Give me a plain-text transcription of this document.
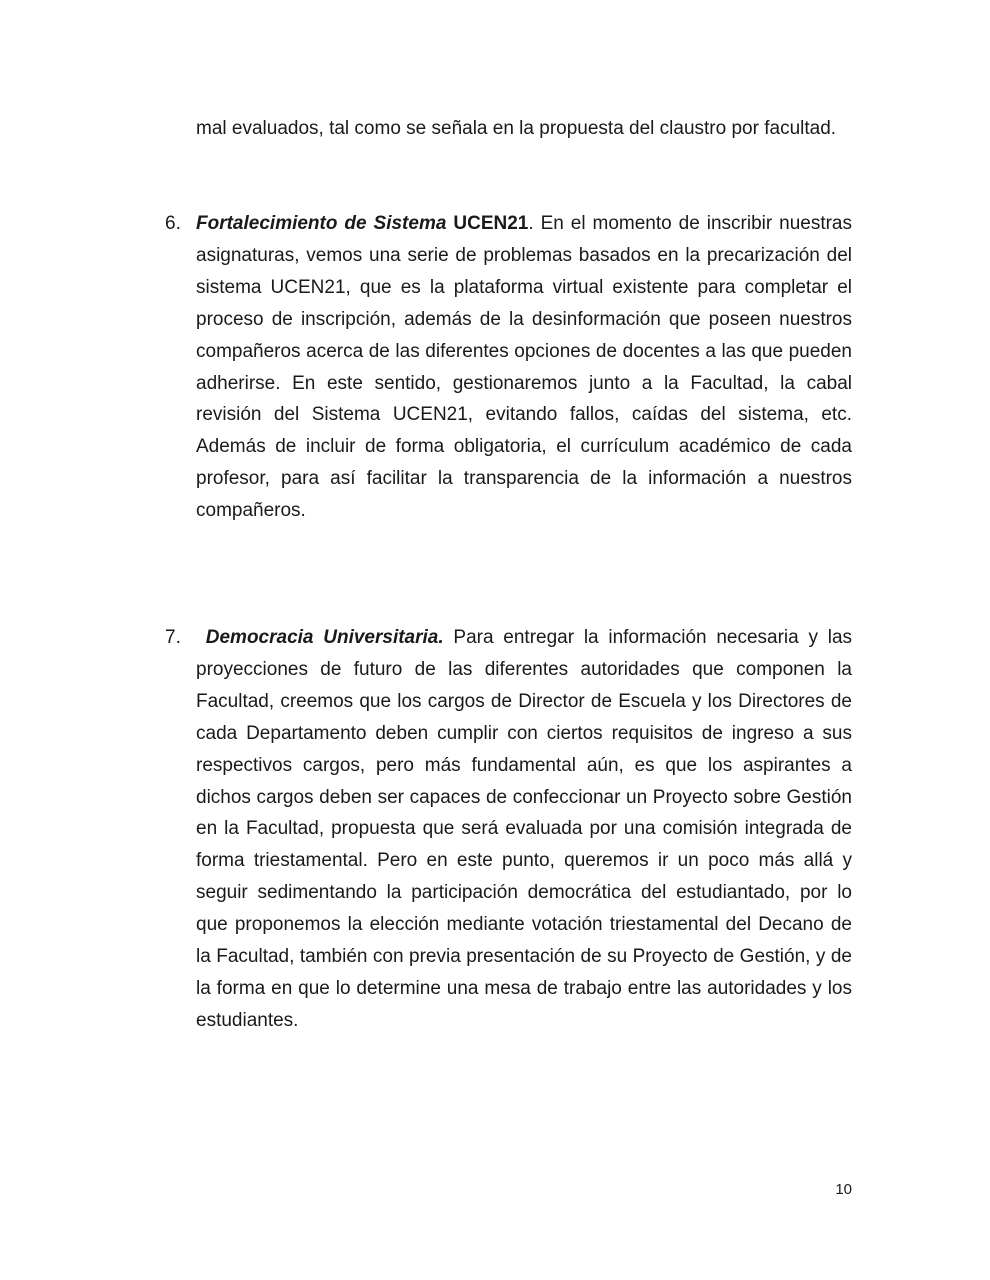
mal evaluados, tal como se señala en la propuesta del claustro por facultad.

6. Fortalecimiento de Sistema UCEN21. En el momento de inscribir nuestras asignaturas, vemos una serie de problemas basados en la precarización del sistema UCEN21, que es la plataforma virtual existente para completar el proceso de inscripción, además de la desinformación que poseen nuestros compañeros acerca de las diferentes opciones de docentes a las que pueden adherirse. En este sentido, gestionaremos junto a la Facultad, la cabal revisión del Sistema UCEN21, evitando fallos, caídas del sistema, etc. Además de incluir de forma obligatoria, el currículum académico de cada profesor, para así facilitar la transparencia de la información a nuestros compañeros.

7.	Democracia Universitaria. Para entregar la información necesaria y las proyecciones de futuro de las diferentes autoridades que componen la Facultad, creemos que los cargos de Director de Escuela y los Directores de cada Departamento deben cumplir con ciertos requisitos de ingreso a sus respectivos cargos, pero más fundamental aún, es que los aspirantes a dichos cargos deben ser capaces de confeccionar un Proyecto sobre Gestión en la Facultad, propuesta que será evaluada por una comisión integrada de forma triestamental. Pero en este punto, queremos ir un poco más allá y seguir sedimentando la participación democrática del estudiantado, por lo que proponemos la elección mediante votación triestamental del Decano de la Facultad, también con previa presentación de su Proyecto de Gestión, y de la forma en que lo determine una mesa de trabajo entre las autoridades y los estudiantes.

10
